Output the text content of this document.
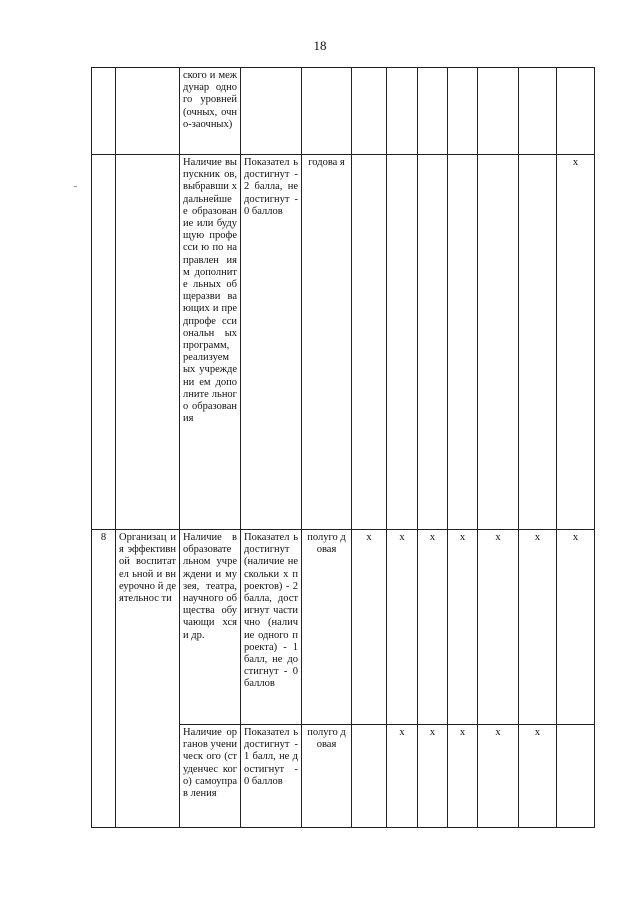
18
		ского и междунар одного уровней (очных, очно-заочных)			

		Наличие выпускник ов, выбравши х дальнейше е образован ие или будущую професси ю по направлен иям дополните льных общеразви вающих и предпрофе ссиональн ых программ, реализуем ых учреждени ем дополните льного образован ия	Показател ь достигнут - 2 балла, не достигнут - 0 баллов	годова я							х

8	Организац ия эффективн ой воспитател ьной и внеурочно й деятельнос ти	Наличие в образовате льном учреждени и музея, театра, научного общества обучающи хся и др.	Показател ь достигнут (наличие нескольки х проектов) - 2 балла, достигнут частично (наличие одного проекта) - 1 балл, не достигнут - 0 баллов	полуго довая	х	х	х	х	х	х	х

		Наличие органов ученическ ого (студенчес кого) самоуправ ления	Показател ь достигнут - 1 балл, не достигнут - 0 баллов	полуго довая		х	х	х	х	х	
